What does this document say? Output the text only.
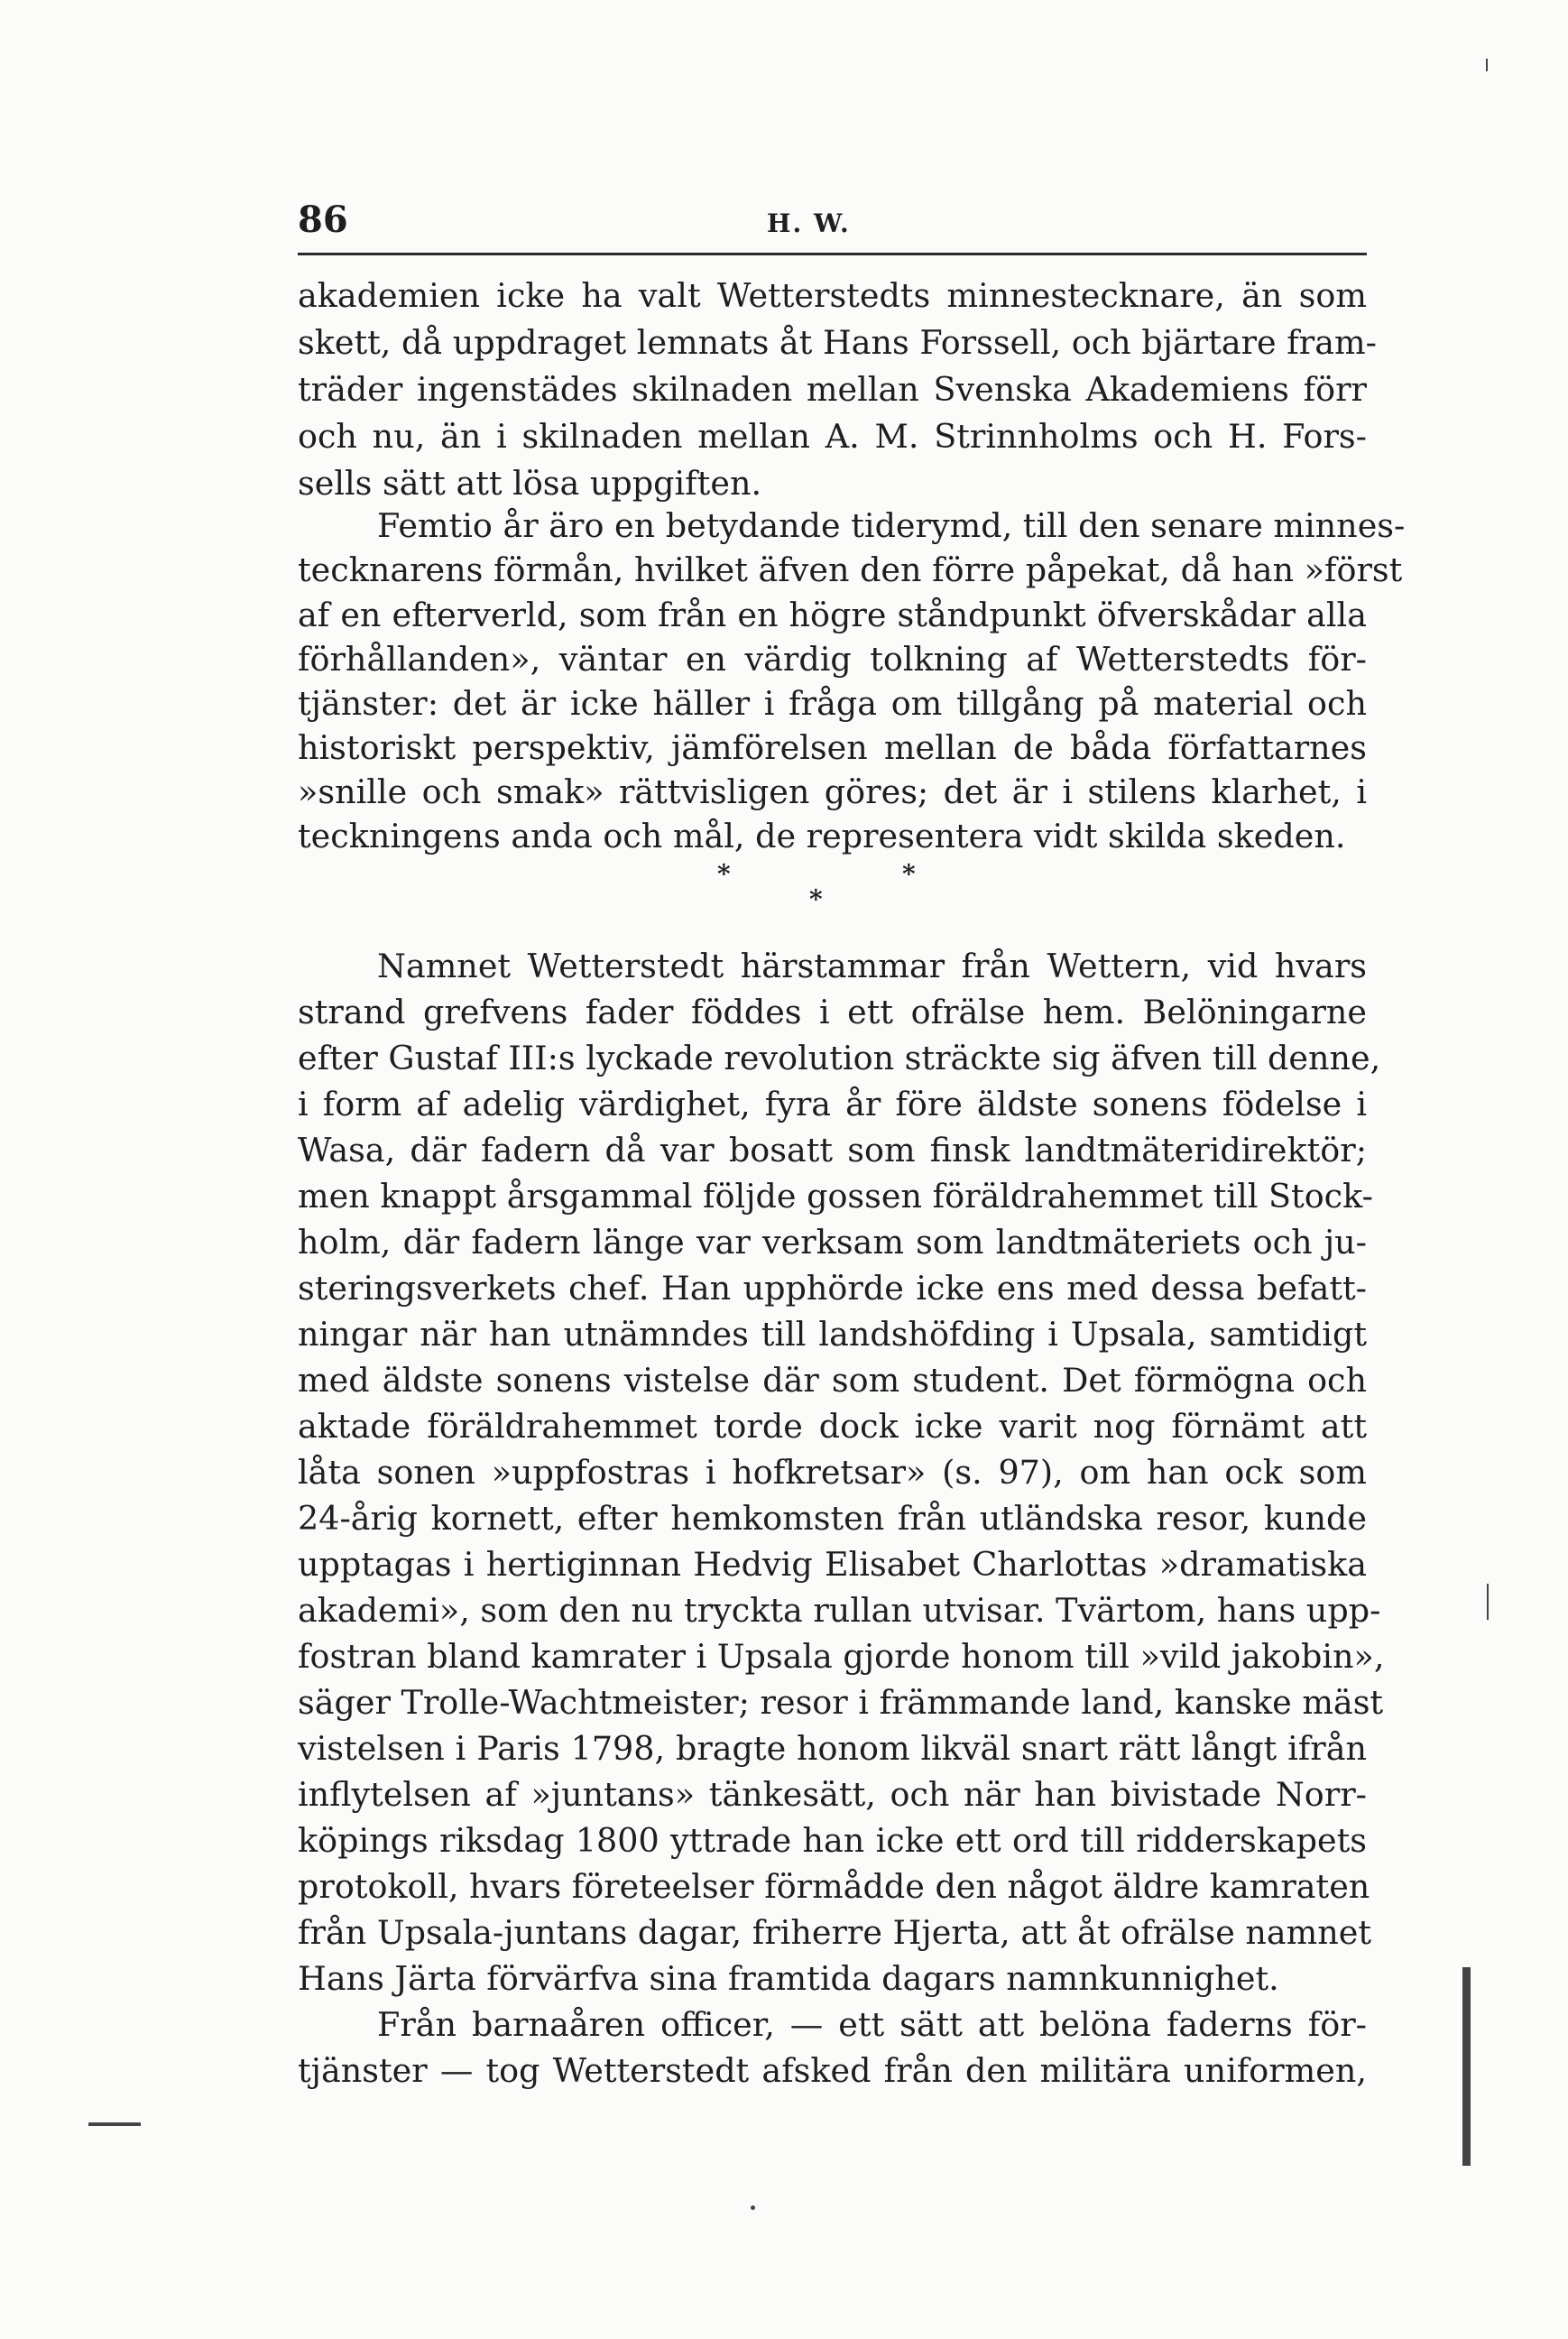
86	H. W.
akademien icke ha valt Wetterstedts minnestecknare, än som
skett, då uppdraget lemnats åt Hans Forssell, och bjärtare fram-
träder ingenstädes skilnaden mellan Svenska Akademiens förr
och nu, än i skilnaden mellan A. M. Strinnholms och H. Fors-
sells sätt att lösa uppgiften.
Femtio år äro en betydande tiderymd, till den senare minnes-
tecknarens förmån, hvilket äfven den förre påpekat, då han »först
af en efterverld, som från en högre ståndpunkt öfverskådar alla
förhållanden», väntar en värdig tolkning af Wetterstedts för-
tjänster: det är icke häller i fråga om tillgång på material och
historiskt perspektiv, jämförelsen mellan de båda författarnes
»snille och smak» rättvisligen göres; det är i stilens klarhet, i
teckningens anda och mål, de representera vidt skilda skeden.
*	*
*
Namnet Wetterstedt härstammar från Wettern, vid hvars
strand grefvens fader föddes i ett ofrälse hem. Belöningarne
efter Gustaf III:s lyckade revolution sträckte sig äfven till denne,
i form af adelig värdighet, fyra år före äldste sonens födelse i
Wasa, där fadern då var bosatt som finsk landtmäteridirektör;
men knappt årsgammal följde gossen föräldrahemmet till Stock-
holm, där fadern länge var verksam som landtmäteriets och ju-
steringsverkets chef. Han upphörde icke ens med dessa befatt-
ningar när han utnämndes till landshöfding i Upsala, samtidigt
med äldste sonens vistelse där som student. Det förmögna och
aktade föräldrahemmet torde dock icke varit nog förnämt att
låta sonen »uppfostras i hofkretsar» (s. 97), om han ock som
24-årig kornett, efter hemkomsten från utländska resor, kunde
upptagas i hertiginnan Hedvig Elisabet Charlottas »dramatiska
akademi», som den nu tryckta rullan utvisar. Tvärtom, hans upp-
fostran bland kamrater i Upsala gjorde honom till »vild jakobin»,
säger Trolle-Wachtmeister; resor i främmande land, kanske mäst
vistelsen i Paris 1798, bragte honom likväl snart rätt långt ifrån
inflytelsen af »juntans» tänkesätt, och när han bivistade Norr-
köpings riksdag 1800 yttrade han icke ett ord till ridderskapets
protokoll, hvars företeelser förmådde den något äldre kamraten
från Upsala-juntans dagar, friherre Hjerta, att åt ofrälse namnet
Hans Järta förvärfva sina framtida dagars namnkunnighet.
Från barnaåren officer, — ett sätt att belöna faderns för-
tjänster — tog Wetterstedt afsked från den militära uniformen,
